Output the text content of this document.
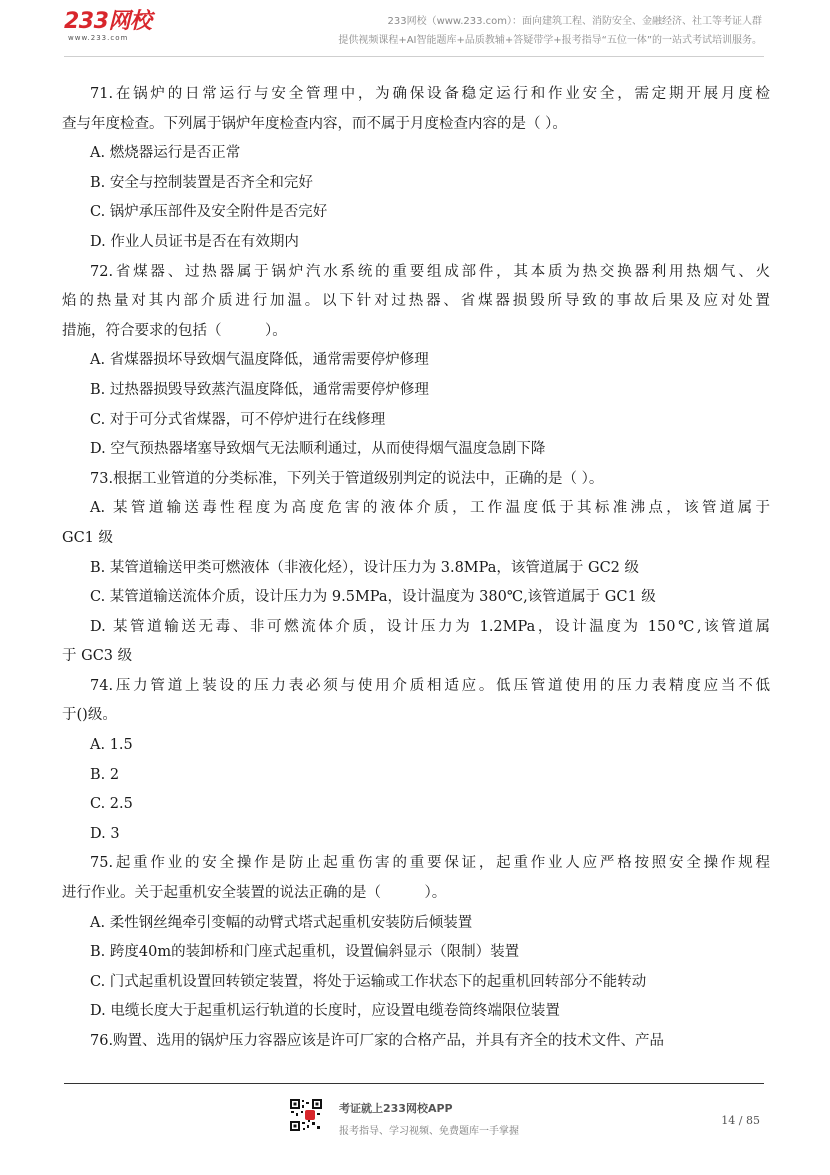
233网校
www.233.com
233网校（www.233.com）：面向建筑工程、消防安全、金融经济、社工等考证人群
提供视频课程+AI智能题库+品质教辅+答疑带学+报考指导“五位一体”的一站式考试培训服务。
71.在锅炉的日常运行与安全管理中，为确保设备稳定运行和作业安全，需定期开展月度检
查与年度检查。下列属于锅炉年度检查内容，而不属于月度检查内容的是（ ）。
A. 燃烧器运行是否正常
B. 安全与控制装置是否齐全和完好
C. 锅炉承压部件及安全附件是否完好
D. 作业人员证书是否在有效期内
72.省煤器、过热器属于锅炉汽水系统的重要组成部件，其本质为热交换器利用热烟气、火
焰的热量对其内部介质进行加温。以下针对过热器、省煤器损毁所导致的事故后果及应对处置
措施，符合要求的包括（　　　）。
A. 省煤器损坏导致烟气温度降低，通常需要停炉修理
B. 过热器损毁导致蒸汽温度降低，通常需要停炉修理
C. 对于可分式省煤器，可不停炉进行在线修理
D. 空气预热器堵塞导致烟气无法顺利通过，从而使得烟气温度急剧下降
73.根据工业管道的分类标准，下列关于管道级别判定的说法中，正确的是（ ）。
A. 某管道输送毒性程度为高度危害的液体介质，工作温度低于其标准沸点，该管道属于
GC1 级
B. 某管道输送甲类可燃液体（非液化烃），设计压力为 3.8MPa，该管道属于 GC2 级
C. 某管道输送流体介质，设计压力为 9.5MPa，设计温度为 380℃,该管道属于 GC1 级
D. 某管道输送无毒、非可燃流体介质，设计压力为 1.2MPa，设计温度为 150℃,该管道属
于 GC3 级
74.压力管道上装设的压力表必须与使用介质相适应。低压管道使用的压力表精度应当不低
于()级。
A. 1.5
B. 2
C. 2.5
D. 3
75.起重作业的安全操作是防止起重伤害的重要保证，起重作业人应严格按照安全操作规程
进行作业。关于起重机安全装置的说法正确的是（　　　）。
A. 柔性钢丝绳牵引变幅的动臂式塔式起重机安装防后倾装置
B. 跨度40m的装卸桥和门座式起重机，设置偏斜显示（限制）装置
C. 门式起重机设置回转锁定装置，将处于运输或工作状态下的起重机回转部分不能转动
D. 电缆长度大于起重机运行轨道的长度时，应设置电缆卷筒终端限位装置
76.购置、选用的锅炉压力容器应该是许可厂家的合格产品，并具有齐全的技术文件、产品
考证就上233网校APP
报考指导、学习视频、免费题库一手掌握
14 / 85
